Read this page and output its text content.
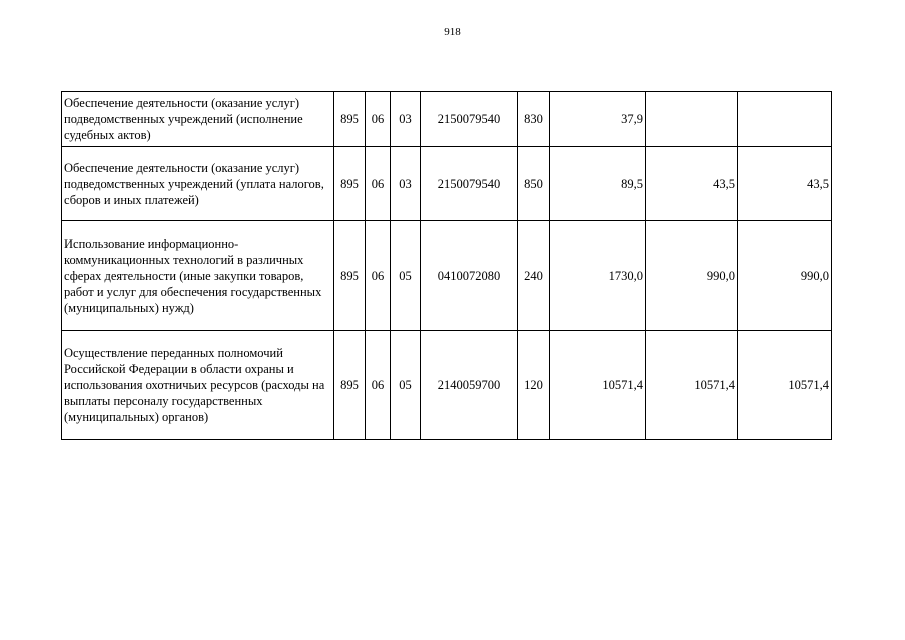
918
Обеспечение деятельности (оказание услуг) подведомственных учреждений (исполнение судебных актов)	895	06	03	2150079540	830	37,9		
Обеспечение деятельности (оказание услуг) подведомственных учреждений (уплата налогов, сборов и иных платежей)	895	06	03	2150079540	850	89,5	43,5	43,5
Использование информационно-коммуникационных технологий в различных сферах деятельности (иные закупки товаров, работ и услуг для обеспечения государственных (муниципальных) нужд)	895	06	05	0410072080	240	1730,0	990,0	990,0
Осуществление переданных полномочий Российской Федерации в области охраны и использования охотничьих ресурсов (расходы на выплаты персоналу государственных (муниципальных) органов)	895	06	05	2140059700	120	10571,4	10571,4	10571,4
